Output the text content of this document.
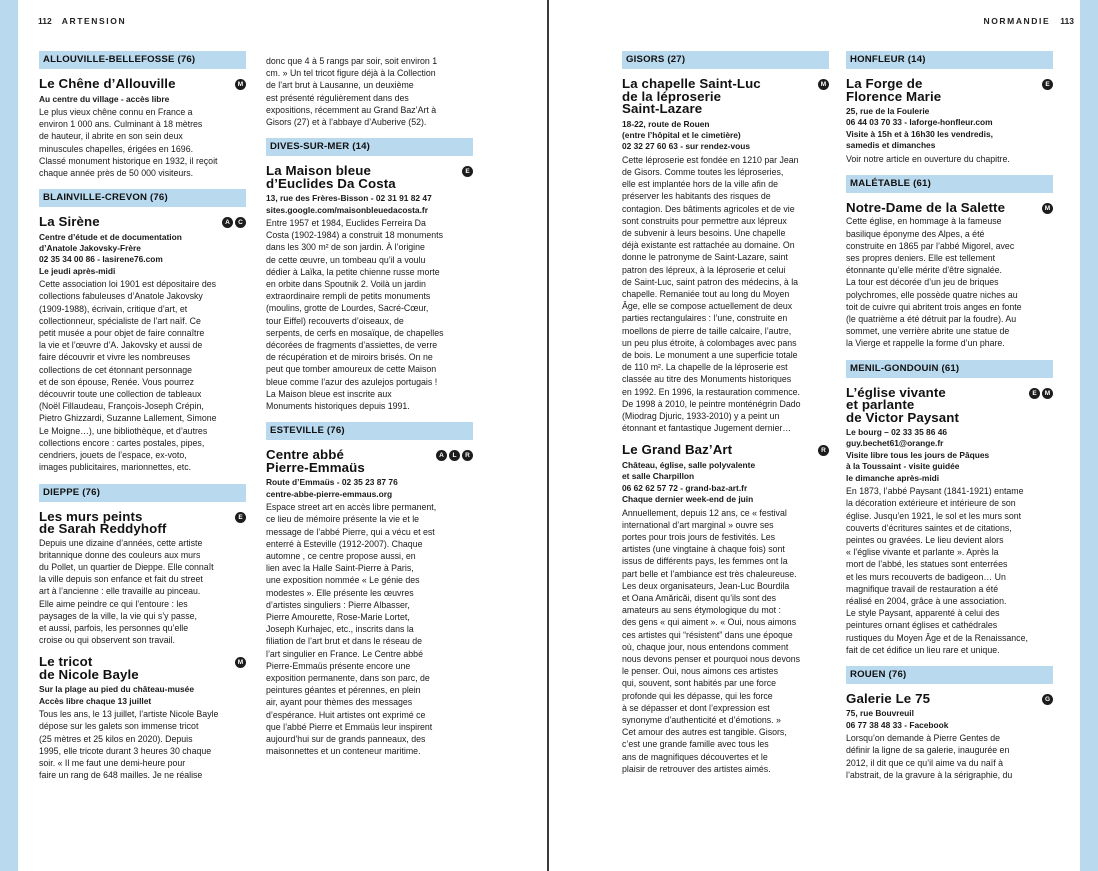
112 ARTENSION	NORMANDIE 113
ALLOUVILLE-BELLEFOSSE (76)
Le Chêne d’Allouville	M
Au centre du village - accès libre
Le plus vieux chêne connu en France a
environ 1 000 ans. Culminant à 18 mètres
de hauteur, il abrite en son sein deux
minuscules chapelles, érigées en 1696.
Classé monument historique en 1932, il reçoit
chaque année près de 50 000 visiteurs.
BLAINVILLE-CREVON (76)
La Sirène	A	C
Centre d’étude et de documentation
d’Anatole Jakovsky-Frère
02 35 34 00 86 - lasirene76.com
Le jeudi après-midi
Cette association loi 1901 est dépositaire des
collections fabuleuses d’Anatole Jakovsky
(1909-1988), écrivain, critique d’art, et
collectionneur, spécialiste de l’art naïf. Ce
petit musée a pour objet de faire connaître
la vie et l’œuvre d’A. Jakovsky et aussi de
faire découvrir et vivre les nombreuses
collections de cet étonnant personnage
et de son épouse, Renée. Vous pourrez
découvrir toute une collection de tableaux
(Noël Fillaudeau, François-Joseph Crépin,
Pietro Ghizzardi, Suzanne Lallement, Simone
Le Moigne…), une bibliothèque, et d’autres
collections encore : cartes postales, pipes,
cendriers, jouets de l’espace, ex-voto,
images publicitaires, marionnettes, etc.
DIEPPE (76)
Les murs peints
de Sarah Reddyhoff
E
Depuis une dizaine d’années, cette artiste
britannique donne des couleurs aux murs
du Pollet, un quartier de Dieppe. Elle connaît
la ville depuis son enfance et fait du street
art à l’ancienne : elle travaille au pinceau.
Elle aime peindre ce qui l’entoure : les
paysages de la ville, la vie qui s’y passe,
et aussi, parfois, les personnes qu’elle
croise ou qui observent son travail.
Le tricot
de Nicole Bayle
M
Sur la plage au pied du château-musée
Accès libre chaque 13 juillet
Tous les ans, le 13 juillet, l’artiste Nicole Bayle
dépose sur les galets son immense tricot
(25 mètres et 25 kilos en 2020). Depuis
1995, elle tricote durant 3 heures 30 chaque
soir. « Il me faut une demi-heure pour
faire un rang de 648 mailles. Je ne réalise
donc que 4 à 5 rangs par soir, soit environ 1
cm. » Un tel tricot figure déjà à la Collection
de l’art brut à Lausanne, un deuxième
est présenté régulièrement dans des
expositions, récemment au Grand Baz’Art à
Gisors (27) et à l’abbaye d’Auberive (52).
DIVES-SUR-MER (14)
La Maison bleue
d’Euclides Da Costa
E
13, rue des Frères-Bisson - 02 31 91 82 47
sites.google.com/maisonbleuedacosta.fr
Entre 1957 et 1984, Euclides Ferreira Da
Costa (1902-1984) a construit 18 monuments
dans les 300 m² de son jardin. À l’origine
de cette œuvre, un tombeau qu’il a voulu
dédier à Laïka, la petite chienne russe morte
en orbite dans Spoutnik 2. Voilà un jardin
extraordinaire rempli de petits monuments
(moulins, grotte de Lourdes, Sacré-Cœur,
tour Eiffel) recouverts d’oiseaux, de
serpents, de cerfs en mosaïque, de chapelles
décorées de fragments d’assiettes, de verre
de récupération et de miroirs brisés. On ne
peut que tomber amoureux de cette Maison
bleue comme l’azur des azulejos portugais !
La Maison bleue est inscrite aux
Monuments historiques depuis 1991.
ESTEVILLE (76)
Centre abbé
Pierre-Emmaüs
A	L	R
Route d’Emmaüs - 02 35 23 87 76
centre-abbe-pierre-emmaus.org
Espace street art en accès libre permanent,
ce lieu de mémoire présente la vie et le
message de l’abbé Pierre, qui a vécu et est
enterré à Esteville (1912-2007). Chaque
automne , ce centre propose aussi, en
lien avec la Halle Saint-Pierre à Paris,
une exposition nommée « Le génie des
modestes ». Elle présente les œuvres
d’artistes singuliers : Pierre Albasser,
Pierre Amourette, Rose-Marie Lortet,
Joseph Kurhajec, etc., inscrits dans la
filiation de l’art brut et dans le réseau de
l’art singulier en France. Le Centre abbé
Pierre-Emmaüs présente encore une
exposition permanente, dans son parc, de
peintures géantes et pérennes, en plein
air, ayant pour thèmes des messages
d’espérance. Huit artistes ont exprimé ce
que l’abbé Pierre et Emmaüs leur inspirent
aujourd’hui sur de grands panneaux, des
maisonnettes et un conteneur maritime.
GISORS (27)
La chapelle Saint-Luc
de la léproserie
Saint-Lazare
M
18-22, route de Rouen
(entre l’hôpital et le cimetière)
02 32 27 60 63 - sur rendez-vous
Cette léproserie est fondée en 1210 par Jean
de Gisors. Comme toutes les léproseries,
elle est implantée hors de la ville afin de
préserver les habitants des risques de
contagion. Des bâtiments agricoles et de vie
sont construits pour permettre aux lépreux
de subvenir à leurs besoins. Une chapelle
déjà existante est rattachée au domaine. On
donne le patronyme de Saint-Lazare, saint
patron des lépreux, à la léproserie et celui
de Saint-Luc, saint patron des médecins, à la
chapelle. Remaniée tout au long du Moyen
Âge, elle se compose actuellement de deux
parties rectangulaires : l’une, construite en
moellons de pierre de taille calcaire, l’autre,
un peu plus étroite, à colombages avec pans
de bois. Le monument a une superficie totale
de 110 m². La chapelle de la léproserie est
classée au titre des Monuments historiques
en 1992. En 1996, la restauration commence.
De 1998 à 2010, le peintre monténégrin Dado
(Miodrag Djuric, 1933-2010) y a peint un
étonnant et fantastique Jugement dernier…
Le Grand Baz’Art	R
Château, église, salle polyvalente
et salle Charpillon
06 62 62 57 72 - grand-baz-art.fr
Chaque dernier week-end de juin
Annuellement, depuis 12 ans, ce « festival
international d’art marginal » ouvre ses
portes pour trois jours de festivités. Les
artistes (une vingtaine à chaque fois) sont
issus de différents pays, les femmes ont la
part belle et l’ambiance est très chaleureuse.
Les deux organisateurs, Jean-Luc Bourdila
et Oana Amăricăi, disent qu’ils sont des
amateurs au sens étymologique du mot :
des gens « qui aiment ». « Oui, nous aimons
ces artistes qui “résistent” dans une époque
où, chaque jour, nous entendons comment
nous devons penser et pourquoi nous devons
le penser. Oui, nous aimons ces artistes
qui, souvent, sont habités par une force
profonde qui les dépasse, qui les force
à se dépasser et dont l’expression est
synonyme d’authenticité et d’émotions. »
Cet amour des autres est tangible. Gisors,
c’est une grande famille avec tous les
ans de magnifiques découvertes et le
plaisir de retrouver des artistes aimés.
HONFLEUR (14)
La Forge de
Florence Marie
E
25, rue de la Foulerie
06 44 03 70 33 - laforge-honfleur.com
Visite à 15h et à 16h30 les vendredis,
samedis et dimanches
Voir notre article en ouverture du chapitre.
MALÉTABLE (61)
Notre-Dame de la Salette	M
Cette église, en hommage à la fameuse
basilique éponyme des Alpes, a été
construite en 1865 par l’abbé Migorel, avec
ses propres deniers. Elle est tellement
étonnante qu’elle mérite d’être signalée.
La tour est décorée d’un jeu de briques
polychromes, elle possède quatre niches au
toit de cuivre qui abritent trois anges en fonte
(le quatrième a été détruit par la foudre). Au
sommet, une verrière abrite une statue de
la Vierge et rappelle la forme d’un phare.
MENIL-GONDOUIN (61)
L’église vivante
et parlante
de Victor Paysant
E	M
Le bourg – 02 33 35 86 46
guy.bechet61@orange.fr
Visite libre tous les jours de Pâques
à la Toussaint - visite guidée
le dimanche après-midi
En 1873, l’abbé Paysant (1841-1921) entame
la décoration extérieure et intérieure de son
église. Jusqu’en 1921, le sol et les murs sont
couverts d’écritures saintes et de citations,
peintes ou gravées. Le lieu devient alors
« l’église vivante et parlante ». Après la
mort de l’abbé, les statues sont enterrées
et les murs recouverts de badigeon… Un
magnifique travail de restauration a été
réalisé en 2004, grâce à une association.
Le style Paysant, apparenté à celui des
peintures ornant églises et cathédrales
rustiques du Moyen Âge et de la Renaissance,
fait de cet édifice un lieu rare et unique.
ROUEN (76)
Galerie Le 75	G
75, rue Bouvreuil
06 77 38 48 33 - Facebook
Lorsqu’on demande à Pierre Gentes de
définir la ligne de sa galerie, inaugurée en
2012, il dit que ce qu’il aime va du naïf à
l’abstrait, de la gravure à la sérigraphie, du
